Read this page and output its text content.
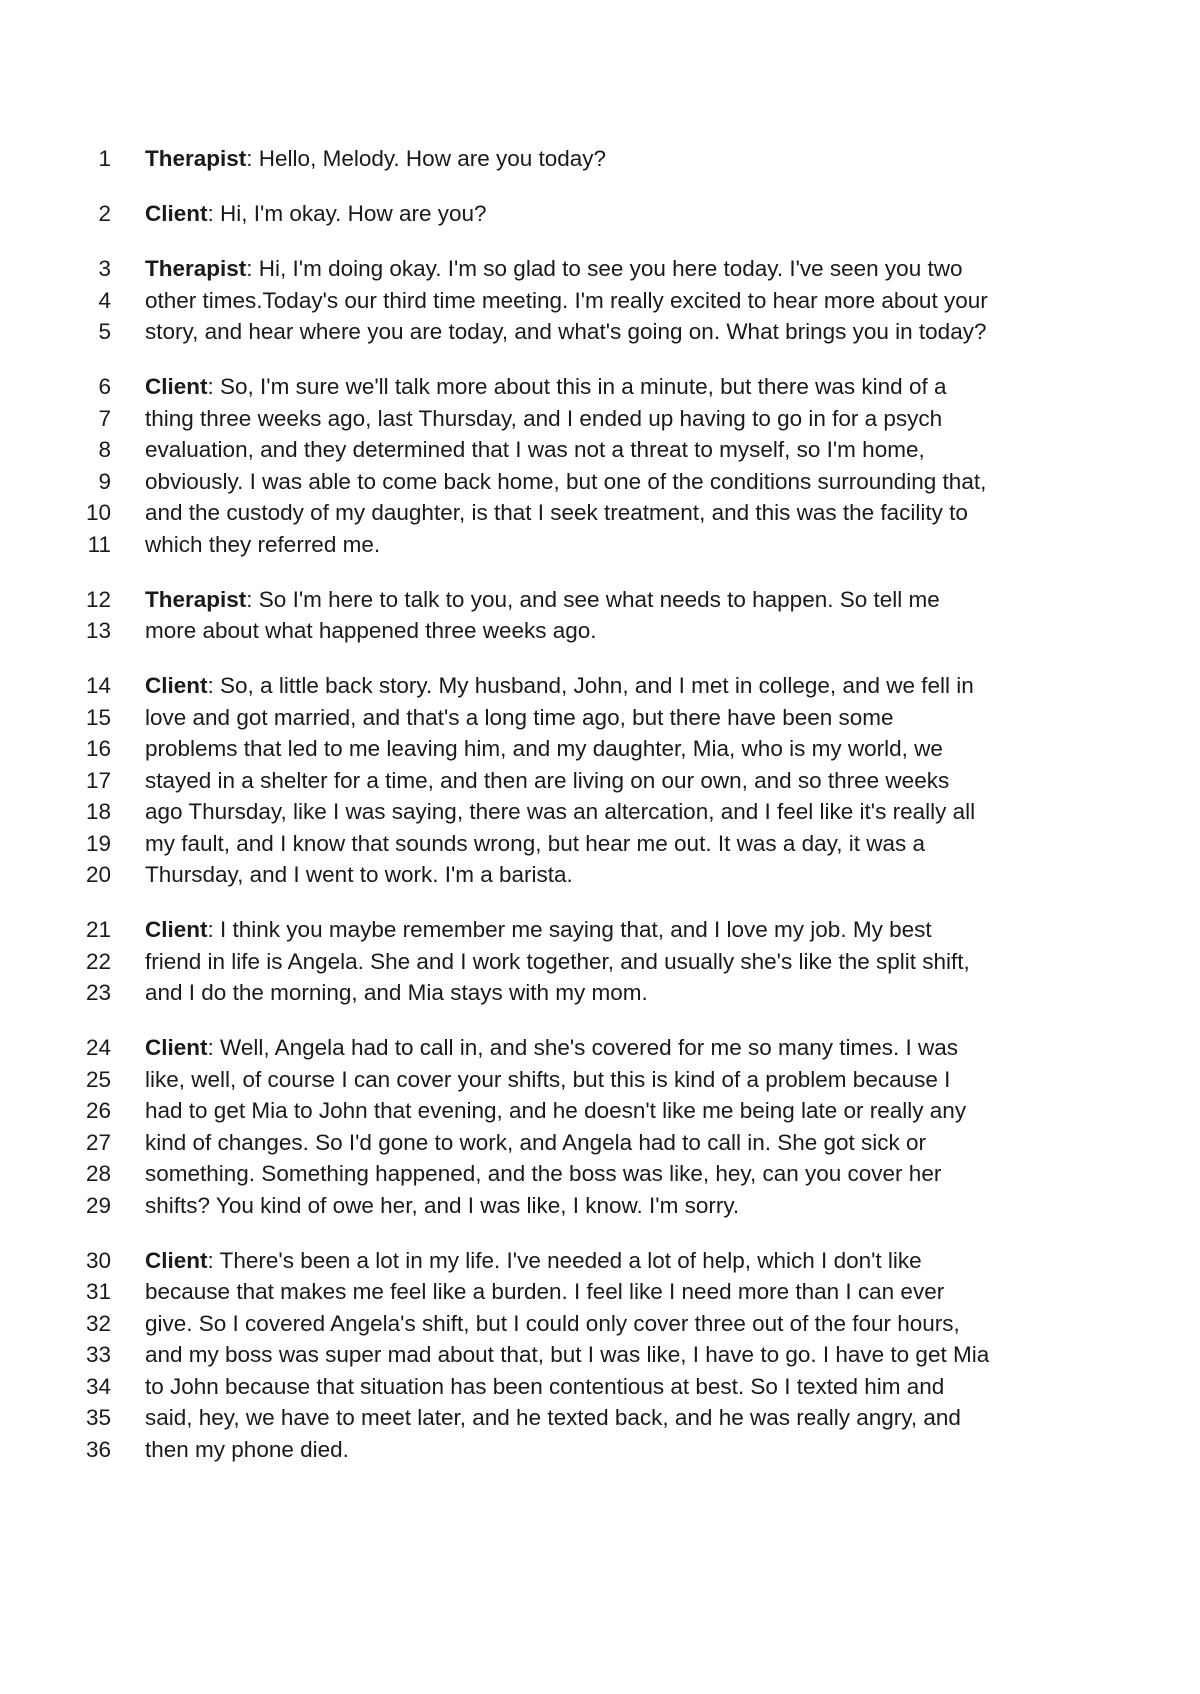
1 Therapist: Hello, Melody. How are you today?
2 Client: Hi, I'm okay. How are you?
3 Therapist: Hi, I'm doing okay. I'm so glad to see you here today. I've seen you two
4 other times.Today's our third time meeting. I'm really excited to hear more about your
5 story, and hear where you are today, and what's going on. What brings you in today?
6 Client: So, I'm sure we'll talk more about this in a minute, but there was kind of a
7 thing three weeks ago, last Thursday, and I ended up having to go in for a psych
8 evaluation, and they determined that I was not a threat to myself, so I'm home,
9 obviously. I was able to come back home, but one of the conditions surrounding that,
10 and the custody of my daughter, is that I seek treatment, and this was the facility to
11 which they referred me.
12 Therapist: So I'm here to talk to you, and see what needs to happen. So tell me
13 more about what happened three weeks ago.
14 Client: So, a little back story. My husband, John, and I met in college, and we fell in
15 love and got married, and that's a long time ago, but there have been some
16 problems that led to me leaving him, and my daughter, Mia, who is my world, we
17 stayed in a shelter for a time, and then are living on our own, and so three weeks
18 ago Thursday, like I was saying, there was an altercation, and I feel like it's really all
19 my fault, and I know that sounds wrong, but hear me out. It was a day, it was a
20 Thursday, and I went to work. I'm a barista.
21 Client: I think you maybe remember me saying that, and I love my job. My best
22 friend in life is Angela. She and I work together, and usually she's like the split shift,
23 and I do the morning, and Mia stays with my mom.
24 Client: Well, Angela had to call in, and she's covered for me so many times. I was
25 like, well, of course I can cover your shifts, but this is kind of a problem because I
26 had to get Mia to John that evening, and he doesn't like me being late or really any
27 kind of changes. So I'd gone to work, and Angela had to call in. She got sick or
28 something. Something happened, and the boss was like, hey, can you cover her
29 shifts? You kind of owe her, and I was like, I know. I'm sorry.
30 Client: There's been a lot in my life. I've needed a lot of help, which I don't like
31 because that makes me feel like a burden. I feel like I need more than I can ever
32 give. So I covered Angela's shift, but I could only cover three out of the four hours,
33 and my boss was super mad about that, but I was like, I have to go. I have to get Mia
34 to John because that situation has been contentious at best. So I texted him and
35 said, hey, we have to meet later, and he texted back, and he was really angry, and
36 then my phone died.
